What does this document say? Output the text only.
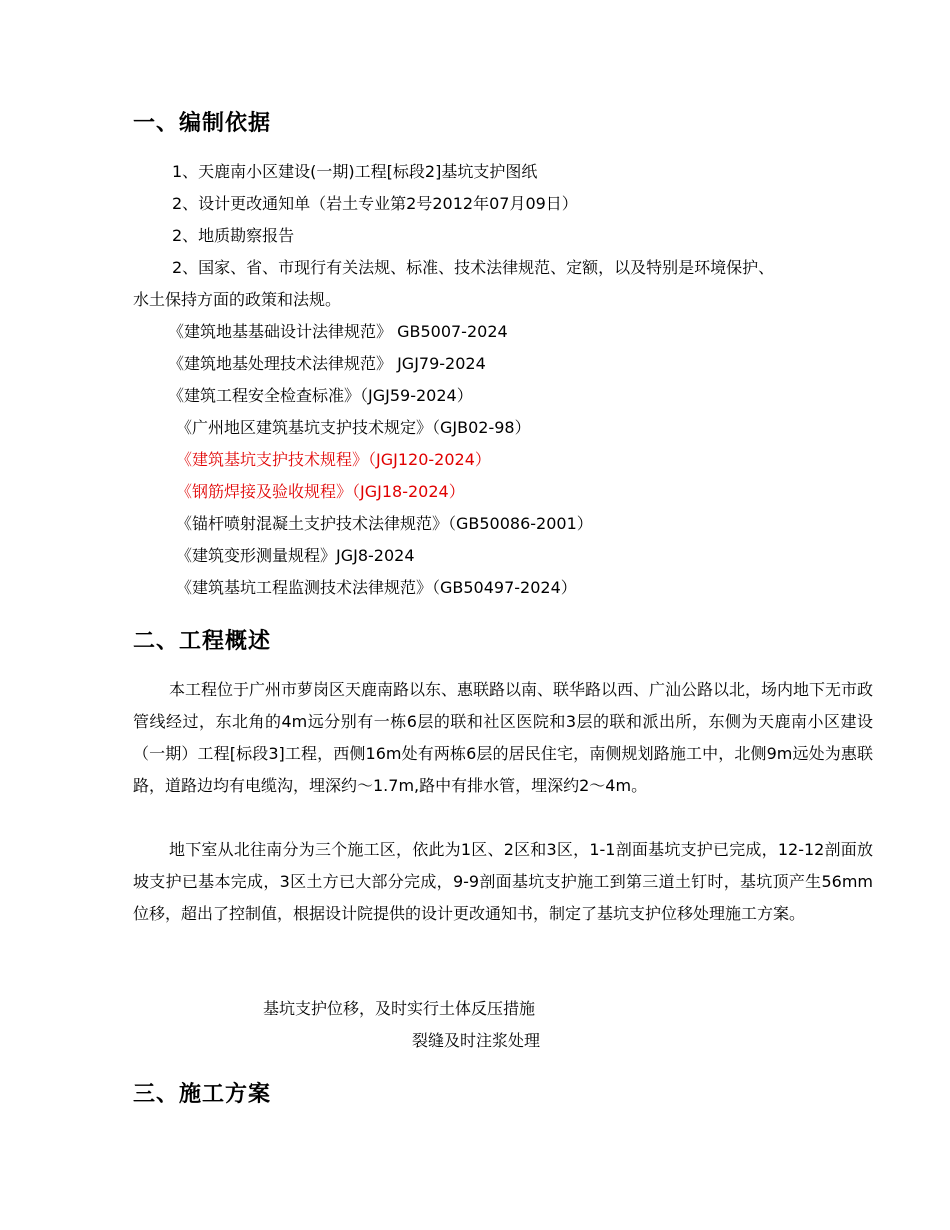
一、编制依据
1、天鹿南小区建设(一期)工程[标段2]基坑支护图纸
2、设计更改通知单（岩土专业第2号2012年07月09日）
2、地质勘察报告
2、国家、省、市现行有关法规、标准、技术法律规范、定额，以及特别是环境保护、
水土保持方面的政策和法规。
《建筑地基基础设计法律规范》 GB5007-2024
《建筑地基处理技术法律规范》 JGJ79-2024
《建筑工程安全检查标准》（JGJ59-2024）
《广州地区建筑基坑支护技术规定》（GJB02-98）
《建筑基坑支护技术规程》（JGJ120-2024）
《钢筋焊接及验收规程》（JGJ18-2024）
《锚杆喷射混凝土支护技术法律规范》（GB50086-2001）
《建筑变形测量规程》JGJ8-2024
《建筑基坑工程监测技术法律规范》（GB50497-2024）
二、工程概述
本工程位于广州市萝岗区天鹿南路以东、惠联路以南、联华路以西、广汕公路以北，场内地下无市政管线经过，东北角的4m远分别有一栋6层的联和社区医院和3层的联和派出所，东侧为天鹿南小区建设（一期）工程[标段3]工程，西侧16m处有两栋6层的居民住宅，南侧规划路施工中，北侧9m远处为惠联路，道路边均有电缆沟，埋深约～1.7m,路中有排水管，埋深约2～4m。
地下室从北往南分为三个施工区，依此为1区、2区和3区，1-1剖面基坑支护已完成，12-12剖面放坡支护已基本完成，3区土方已大部分完成，9-9剖面基坑支护施工到第三道土钉时，基坑顶产生56mm位移，超出了控制值，根据设计院提供的设计更改通知书，制定了基坑支护位移处理施工方案。
基坑支护位移，及时实行土体反压措施
裂缝及时注浆处理
三、施工方案
